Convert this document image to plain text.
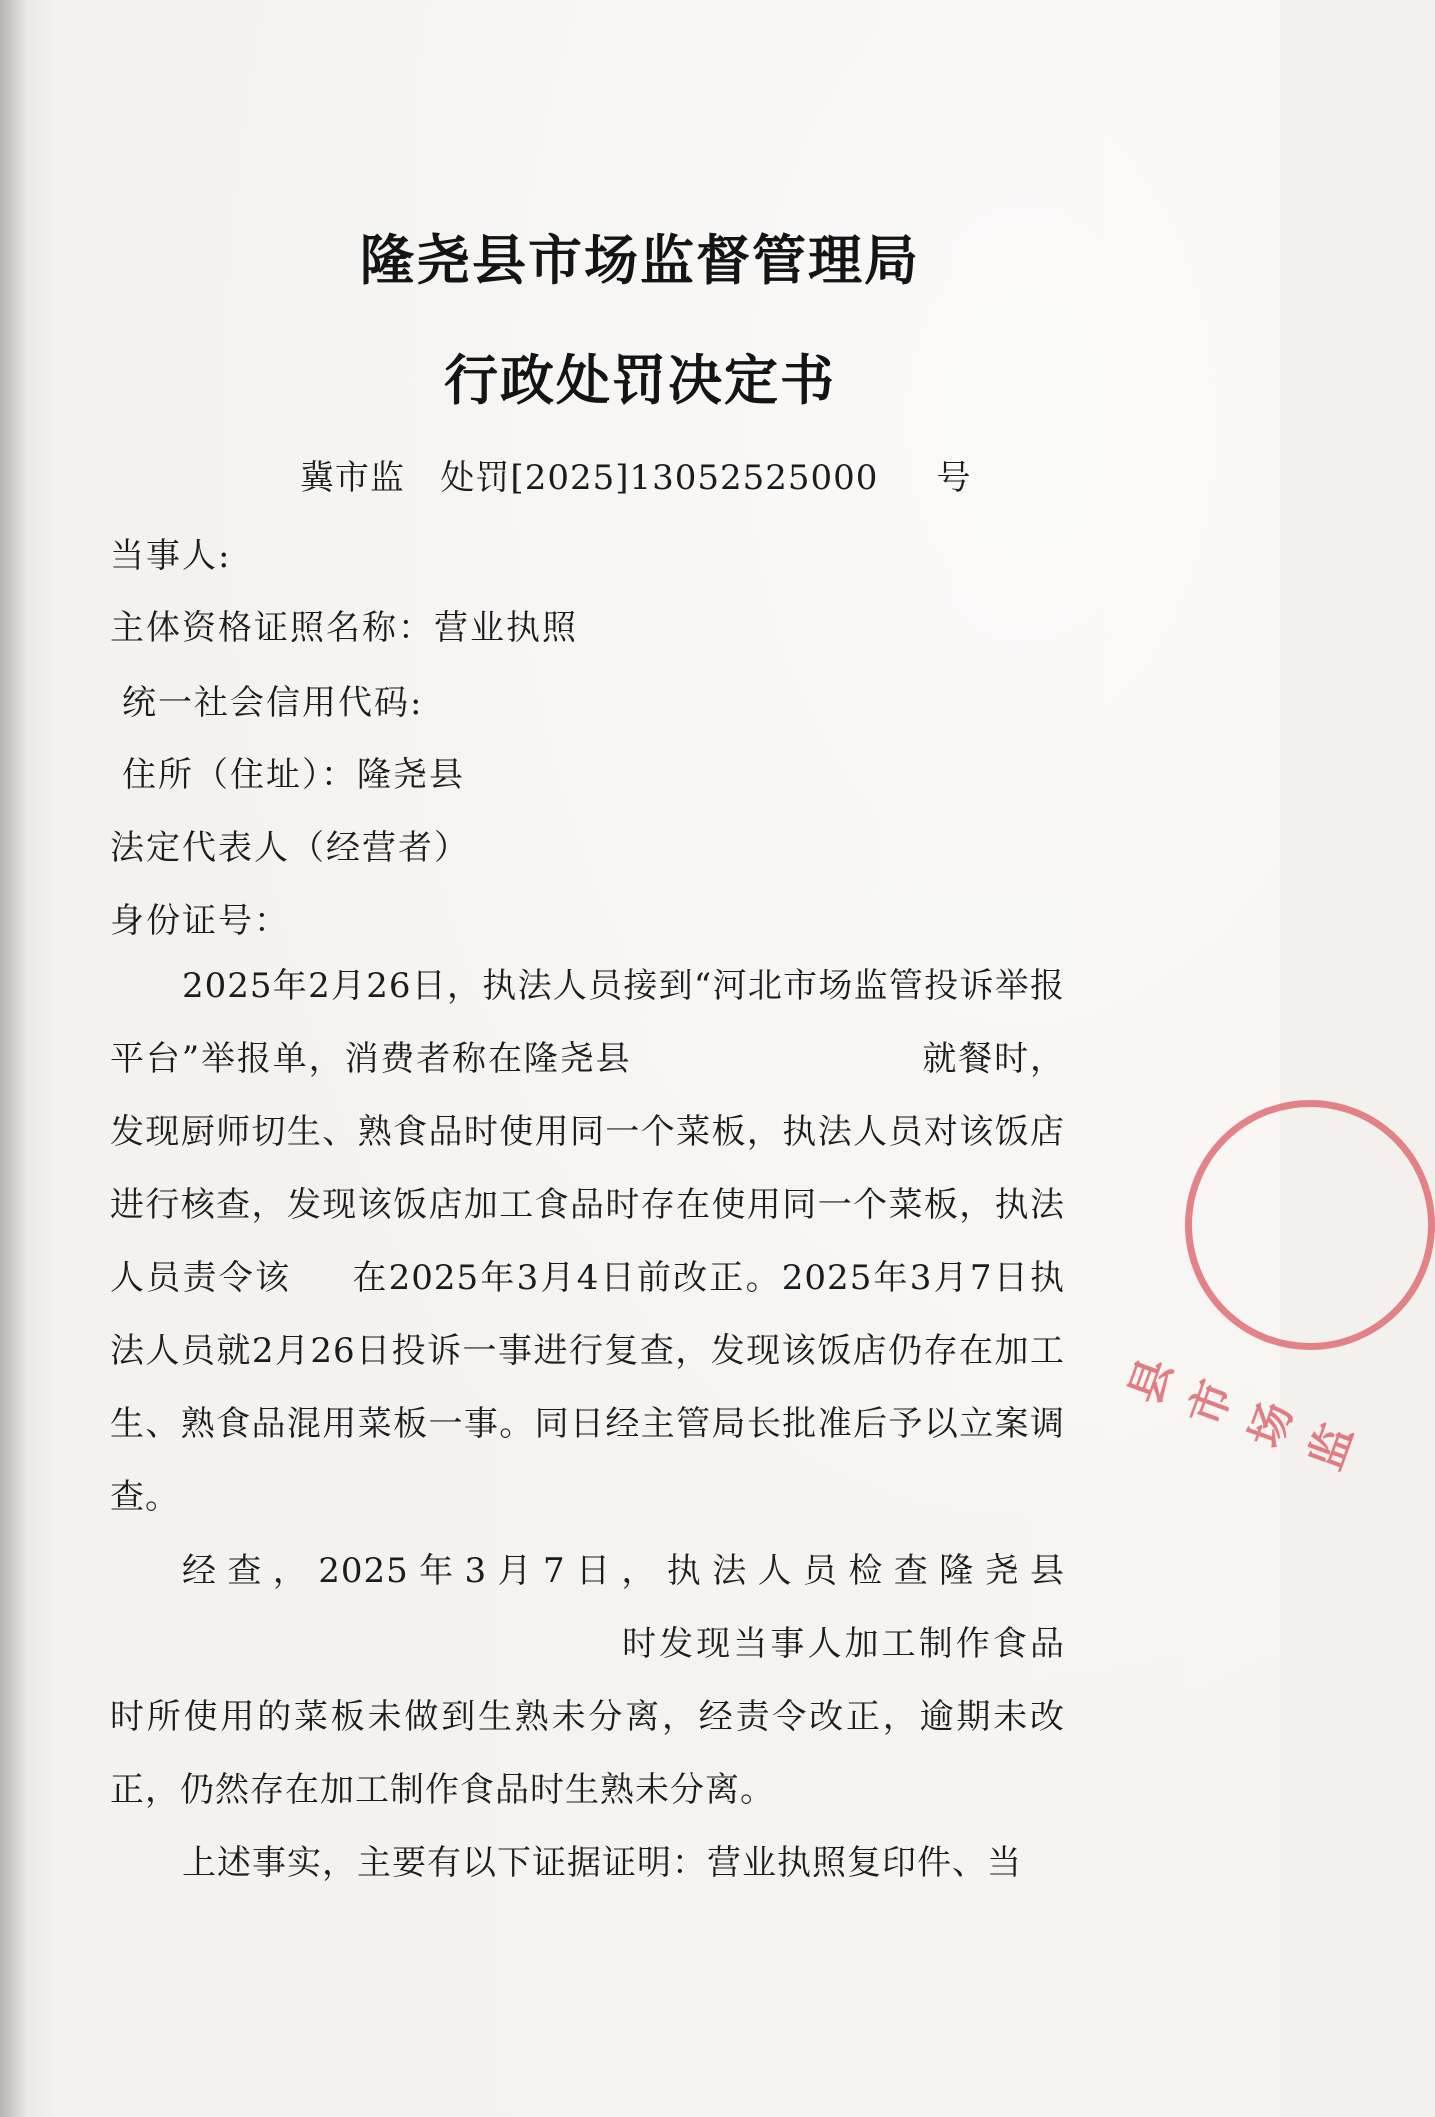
隆尧县市场监督管理局
行政处罚决定书
冀市监 处罚[2025]13052525000 号
当事人:
主体资格证照名称：营业执照
统一社会信用代码:
住所（住址）：隆尧县
法定代表人（经营者）
身份证号：
2025年2月26日，执法人员接到“河北市场监管投诉举报平台”举报单，消费者称在隆尧县	就餐时，发现厨师切生、熟食品时使用同一个菜板，执法人员对该饭店进行核查，发现该饭店加工食品时存在使用同一个菜板，执法人员责令该 在2025年3月4日前改正。2025年3月7日执法人员就2月26日投诉一事进行复查，发现该饭店仍存在加工生、熟食品混用菜板一事。同日经主管局长批准后予以立案调查。
经查，2025年3月7日，执法人员检查隆尧县时发现当事人加工制作食品时所使用的菜板未做到生熟未分离，经责令改正，逾期未改正，仍然存在加工制作食品时生熟未分离。
上述事实，主要有以下证据证明：营业执照复印件、当
县市场监
